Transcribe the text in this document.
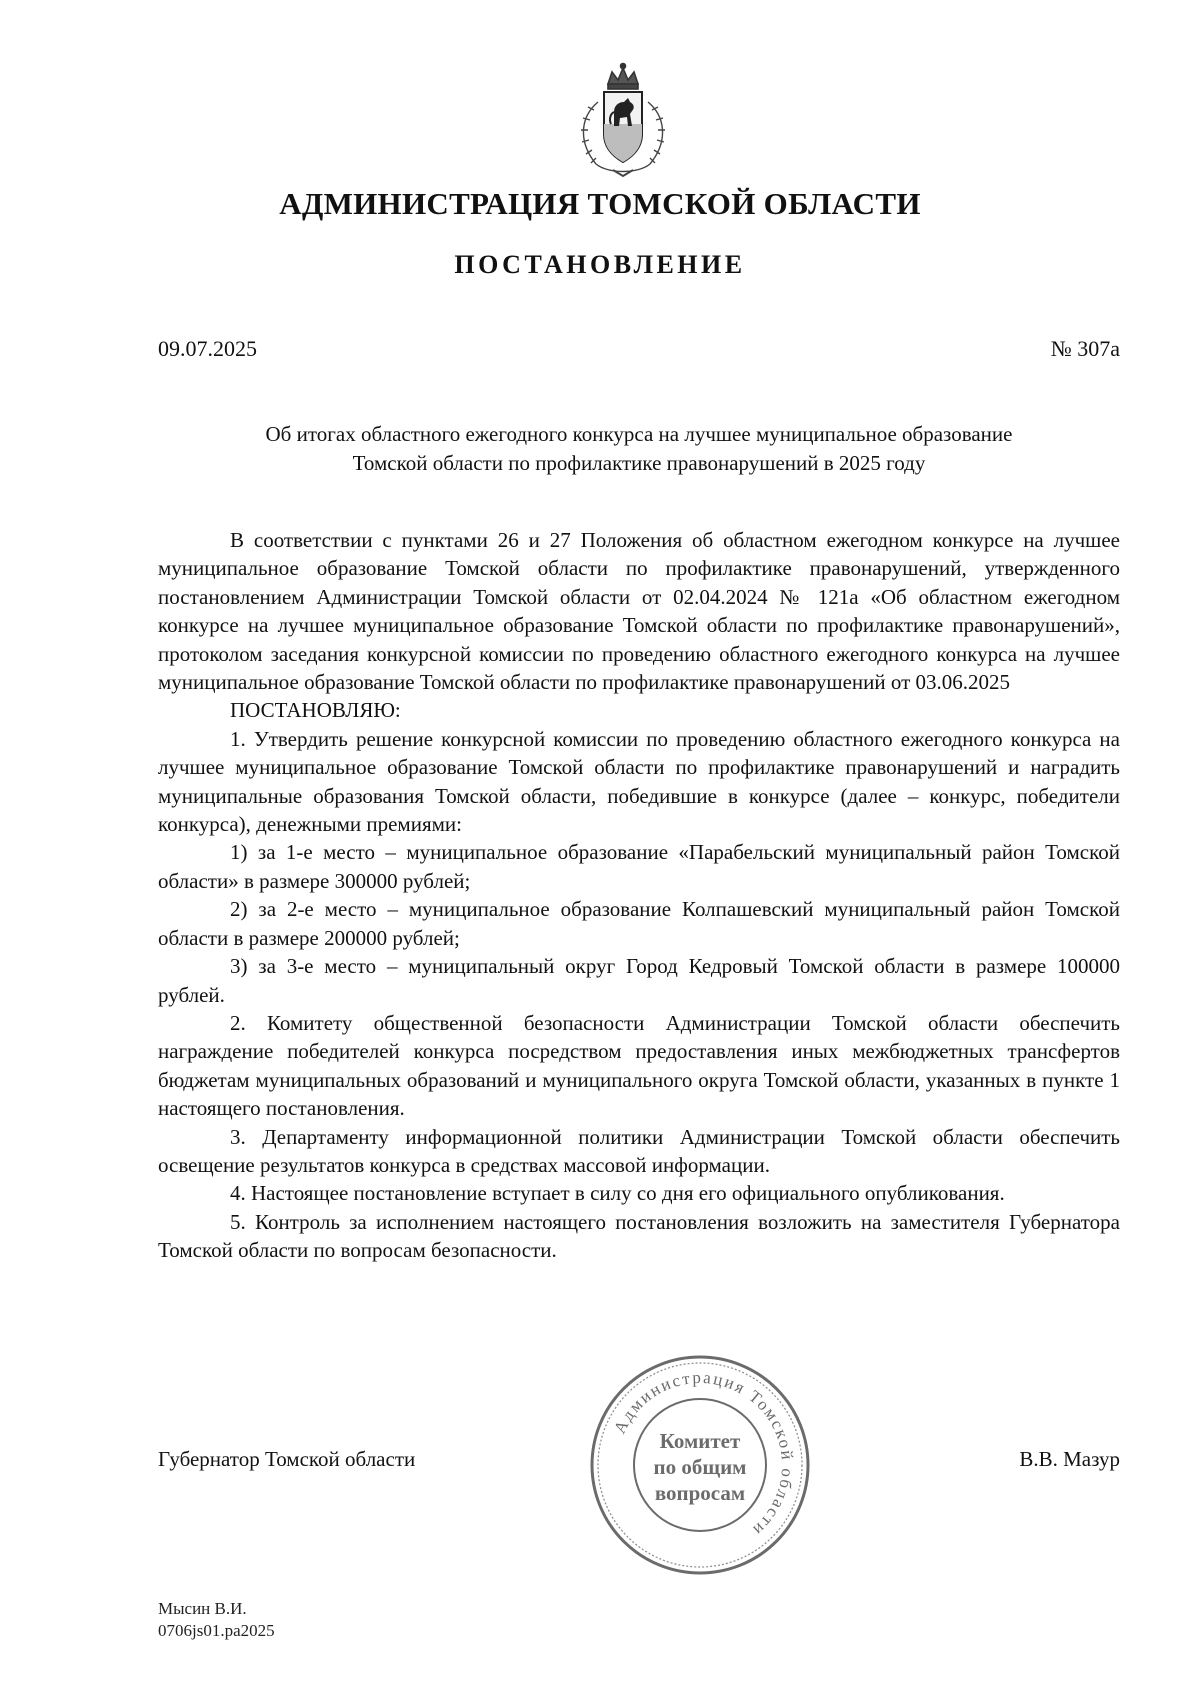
АДМИНИСТРАЦИЯ ТОМСКОЙ ОБЛАСТИ
ПОСТАНОВЛЕНИЕ
09.07.2025	№ 307а
Об итогах областного ежегодного конкурса на лучшее муниципальное образование
Томской области по профилактике правонарушений в 2025 году

В соответствии с пунктами 26 и 27 Положения об областном ежегодном конкурсе на лучшее муниципальное образование Томской области по профилактике правонарушений, утвержденного постановлением Администрации Томской области от 02.04.2024 № 121а «Об областном ежегодном конкурсе на лучшее муниципальное образование Томской области по профилактике правонарушений», протоколом заседания конкурсной комиссии по проведению областного ежегодного конкурса на лучшее муниципальное образование Томской области по профилактике правонарушений от 03.06.2025

ПОСТАНОВЛЯЮ:

1. Утвердить решение конкурсной комиссии по проведению областного ежегодного конкурса на лучшее муниципальное образование Томской области по профилактике правонарушений и наградить муниципальные образования Томской области, победившие в конкурсе (далее – конкурс, победители конкурса), денежными премиями:

1) за 1-е место – муниципальное образование «Парабельский муниципальный район Томской области» в размере 300000 рублей;

2) за 2-е место – муниципальное образование Колпашевский муниципальный район Томской области в размере 200000 рублей;

3) за 3-е место – муниципальный округ Город Кедровый Томской области в размере 100000 рублей.

2. Комитету общественной безопасности Администрации Томской области обеспечить награждение победителей конкурса посредством предоставления иных межбюджетных трансфертов бюджетам муниципальных образований и муниципального округа Томской области, указанных в пункте 1 настоящего постановления.

3. Департаменту информационной политики Администрации Томской области обеспечить освещение результатов конкурса в средствах массовой информации.

4. Настоящее постановление вступает в силу со дня его официального опубликования.

5. Контроль за исполнением настоящего постановления возложить на заместителя Губернатора Томской области по вопросам безопасности.

Губернатор Томской области	В.В. Мазур
Администрация Томской области
Комитет
по общим
вопросам
Мысин В.И.
0706js01.pa2025
